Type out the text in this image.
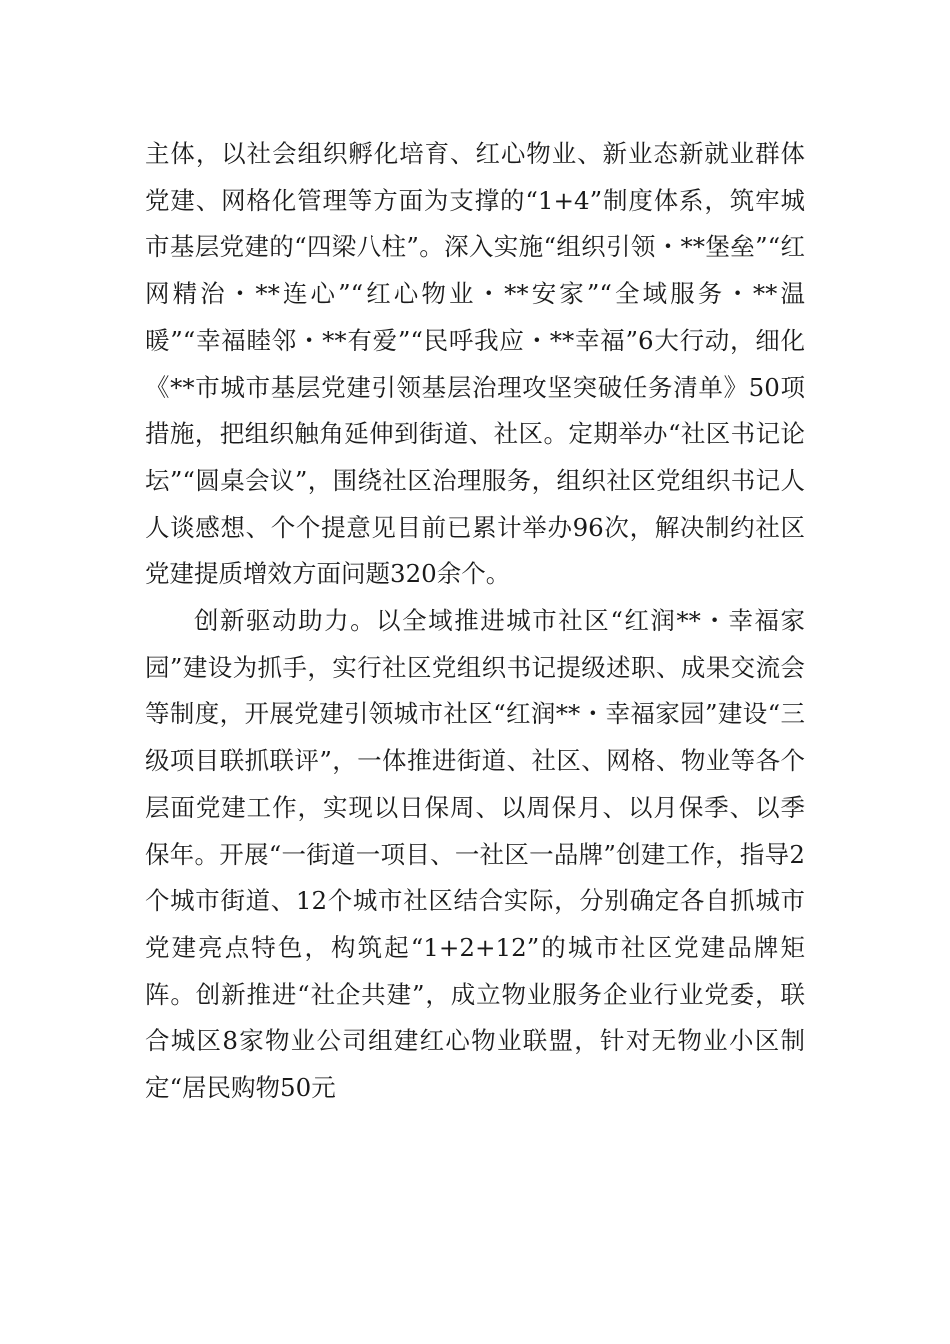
主体，以社会组织孵化培育、红心物业、新业态新就业群体党建、网格化管理等方面为支撑的“1+4”制度体系，筑牢城市基层党建的“四梁八柱”。深入实施“组织引领・**堡垒”“红网精治・**连心”“红心物业・**安家”“全域服务・**温暖”“幸福睦邻・**有爱”“民呼我应・**幸福”6大行动，细化《**市城市基层党建引领基层治理攻坚突破任务清单》50项措施，把组织触角延伸到街道、社区。定期举办“社区书记论坛”“圆桌会议”，围绕社区治理服务，组织社区党组织书记人人谈感想、个个提意见目前已累计举办96次，解决制约社区党建提质增效方面问题320余个。

创新驱动助力。以全域推进城市社区“红润**・幸福家园”建设为抓手，实行社区党组织书记提级述职、成果交流会等制度，开展党建引领城市社区“红润**・幸福家园”建设“三级项目联抓联评”，一体推进街道、社区、网格、物业等各个层面党建工作，实现以日保周、以周保月、以月保季、以季保年。开展“一街道一项目、一社区一品牌”创建工作，指导2个城市街道、12个城市社区结合实际，分别确定各自抓城市党建亮点特色，构筑起“1+2+12”的城市社区党建品牌矩阵。创新推进“社企共建”，成立物业服务企业行业党委，联合城区8家物业公司组建红心物业联盟，针对无物业小区制定“居民购物50元
